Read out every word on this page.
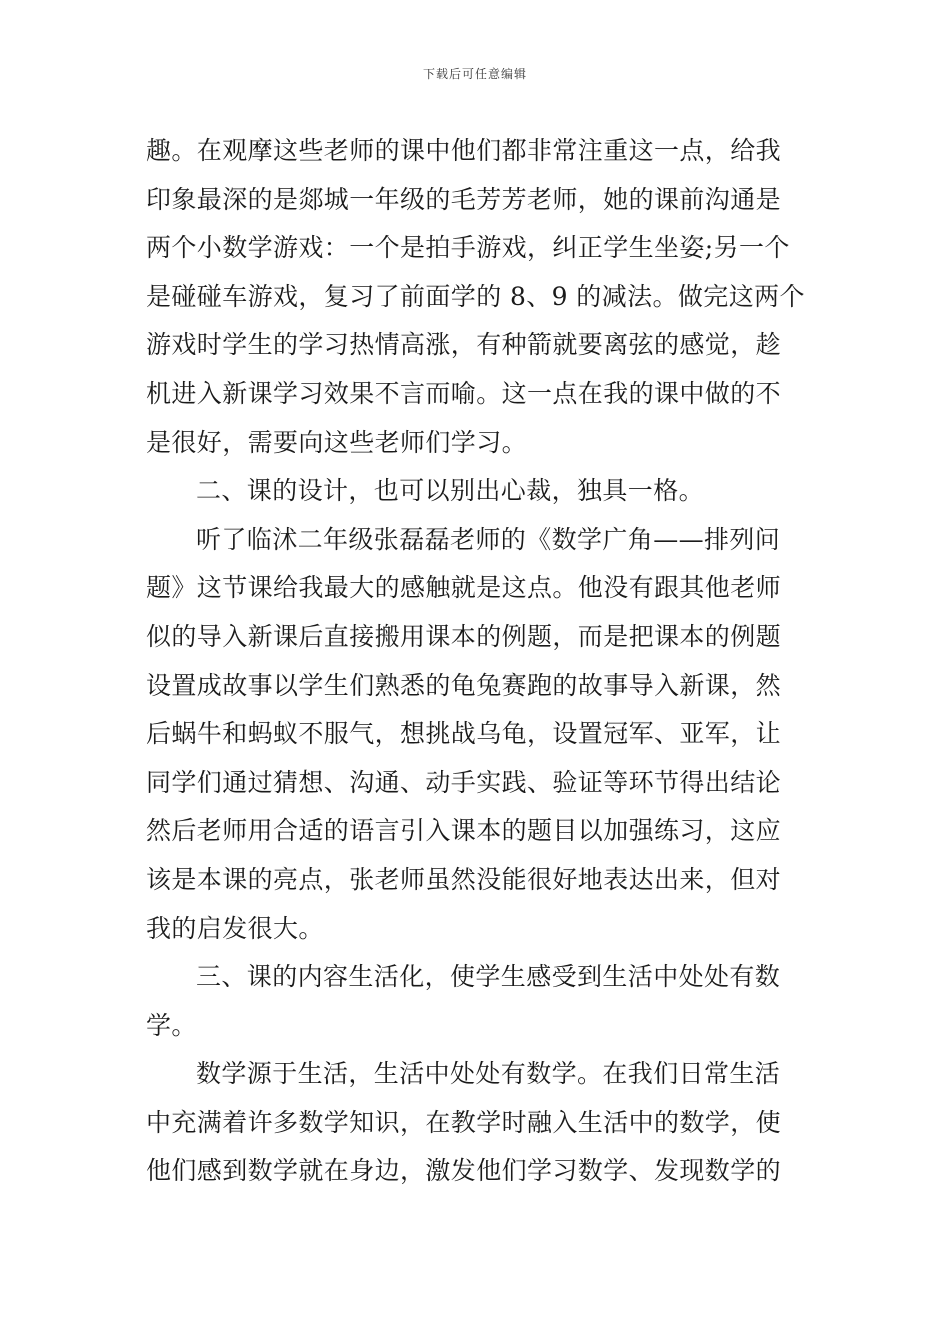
下载后可任意编辑
趣。在观摩这些老师的课中他们都非常注重这一点，给我
印象最深的是郯城一年级的毛芳芳老师，她的课前沟通是
两个小数学游戏：一个是拍手游戏，纠正学生坐姿;另一个
是碰碰车游戏，复习了前面学的 8、9 的减法。做完这两个
游戏时学生的学习热情高涨，有种箭就要离弦的感觉，趁
机进入新课学习效果不言而喻。这一点在我的课中做的不
是很好，需要向这些老师们学习。
二、课的设计，也可以别出心裁，独具一格。
听了临沭二年级张磊磊老师的《数学广角——排列问
题》这节课给我最大的感触就是这点。他没有跟其他老师
似的导入新课后直接搬用课本的例题，而是把课本的例题
设置成故事以学生们熟悉的龟兔赛跑的故事导入新课，然
后蜗牛和蚂蚁不服气，想挑战乌龟，设置冠军、亚军，让
同学们通过猜想、沟通、动手实践、验证等环节得出结论
然后老师用合适的语言引入课本的题目以加强练习，这应
该是本课的亮点，张老师虽然没能很好地表达出来，但对
我的启发很大。
三、课的内容生活化，使学生感受到生活中处处有数
学。
数学源于生活，生活中处处有数学。在我们日常生活
中充满着许多数学知识，在教学时融入生活中的数学，使
他们感到数学就在身边，激发他们学习数学、发现数学的
